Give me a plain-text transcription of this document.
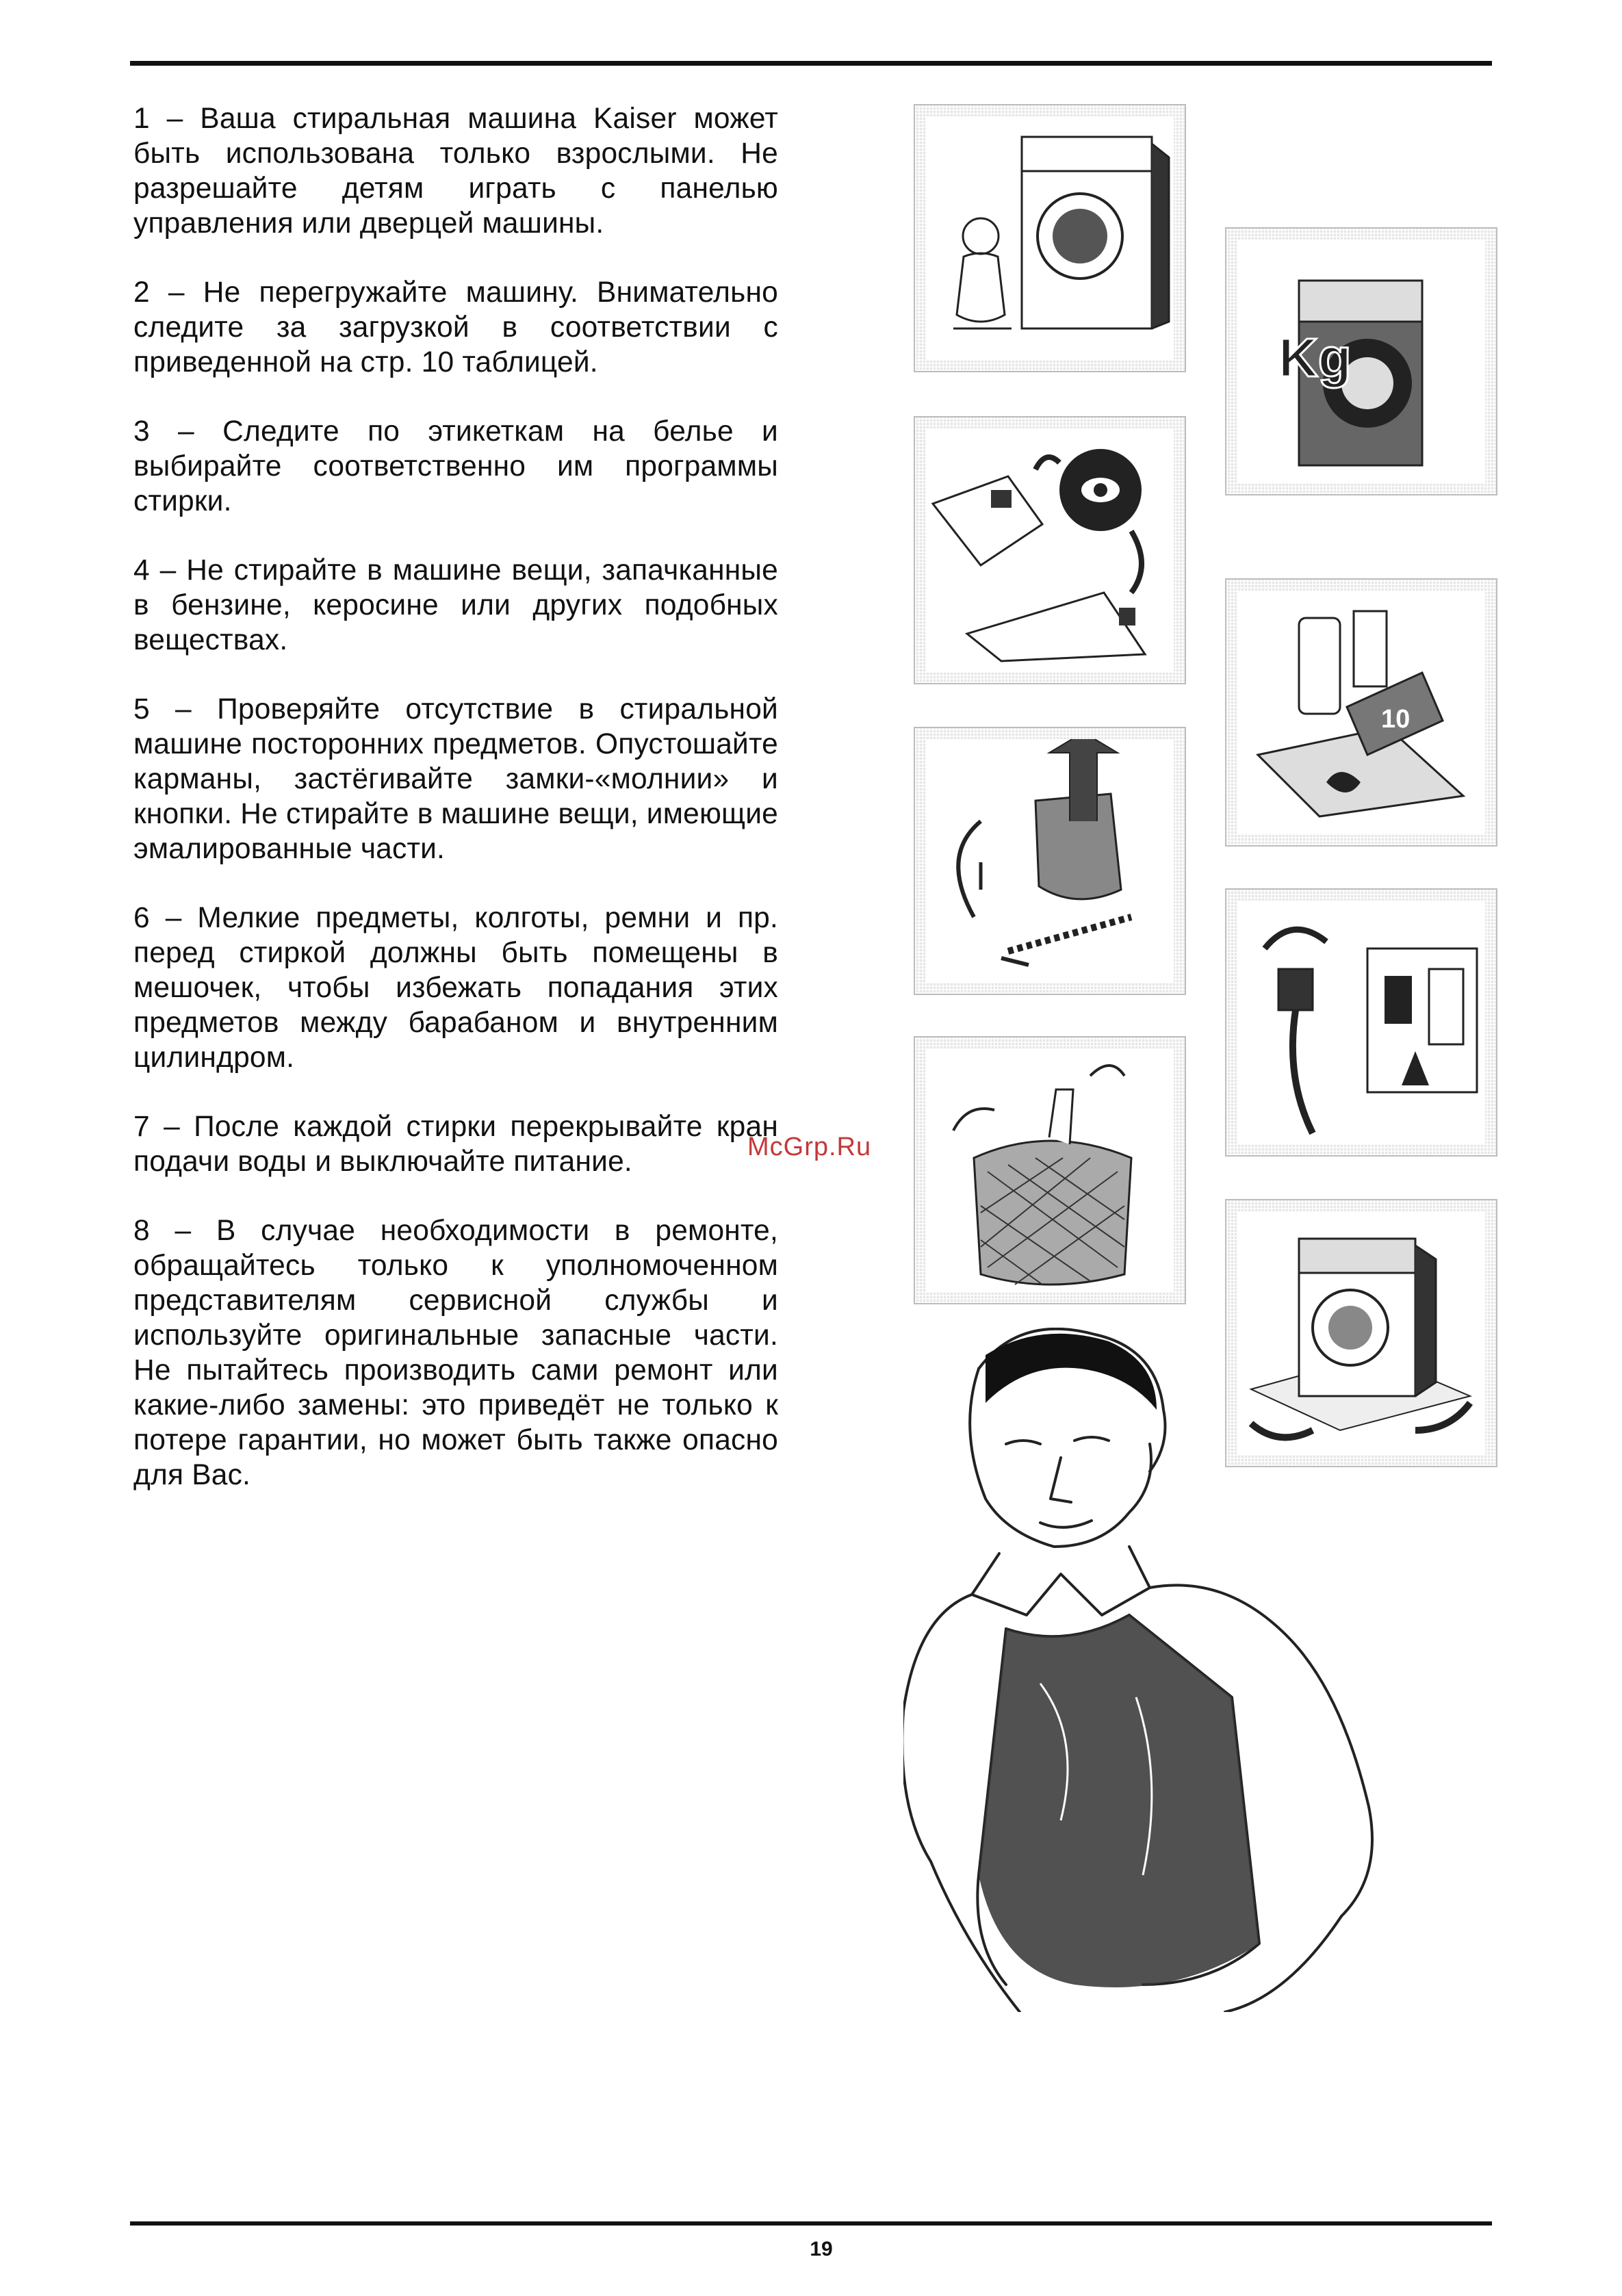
1 – Ваша стиральная машина Kaiser может быть использована только взрослыми. Не разрешайте детям играть с панелью управления или дверцей машины.

2 – Не перегружайте машину. Внимательно следите за загрузкой в соответствии с приведенной на стр. 10 таблицей.

3 – Следите по этикеткам на белье и выбирайте соответственно им программы стирки.

4 – Не стирайте в машине вещи, запачканные в бензине, керосине или других подобных веществах.

5 – Проверяйте отсутствие в стиральной машине посторонних предметов. Опустошайте карманы, застёгивайте замки-«молнии» и кнопки. Не стирайте в машине вещи, имеющие эмалированные части.

6 – Мелкие предметы, колготы, ремни и пр. перед стиркой должны быть помещены в мешочек, чтобы избежать попадания этих предметов между барабаном и внутренним цилиндром.

7 – После каждой стирки перекрывайте кран подачи воды и выключайте питание.

8 – В случае необходимости в ремонте, обращайтесь только к уполномоченном представителям сервисной службы и используйте оригинальные запасные части. Не пытайтесь производить сами ремонт или какие-либо замены: это приведёт не только к потере гарантии, но может быть также опасно для Вас.

Kg
10
McGrp.Ru
19
